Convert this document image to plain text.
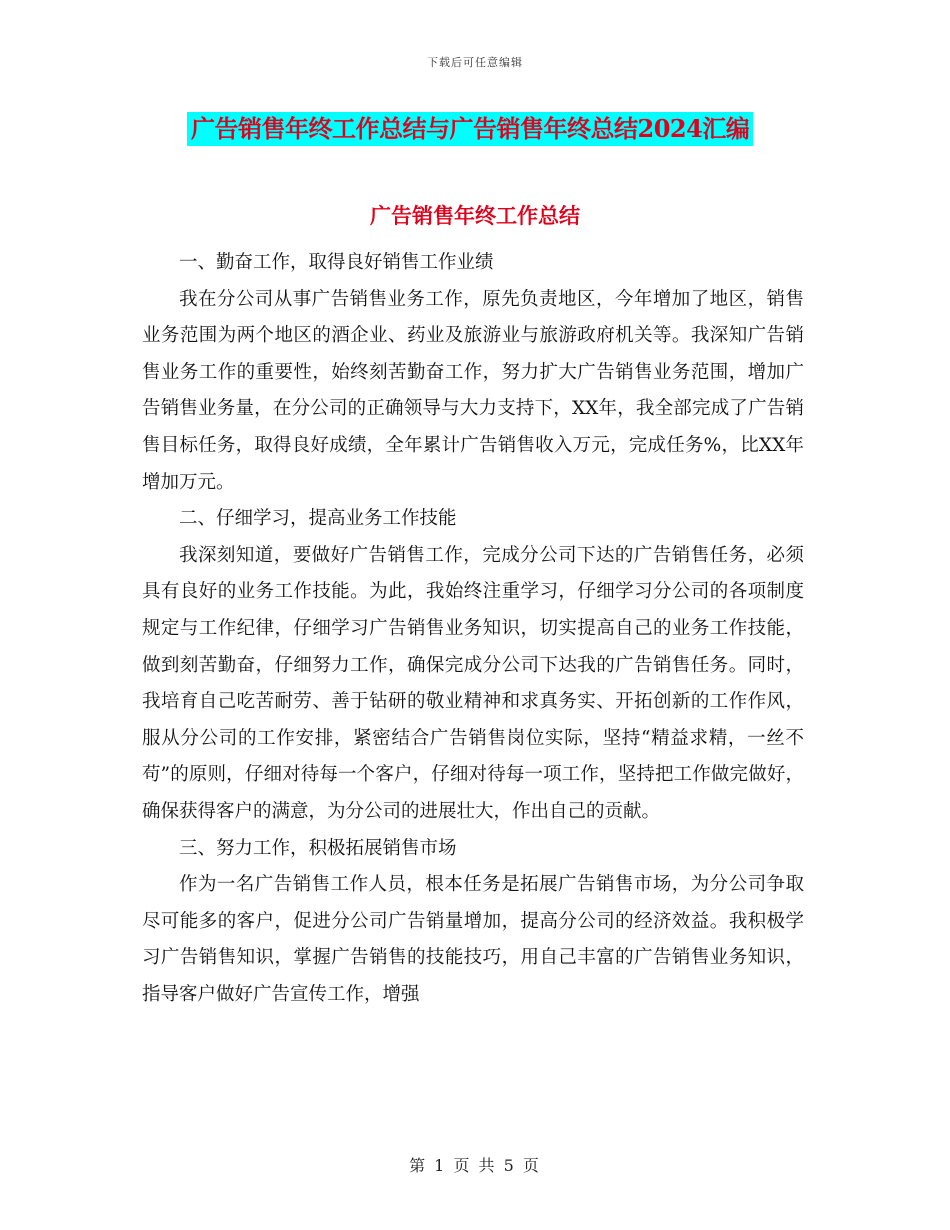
下载后可任意编辑
广告销售年终工作总结与广告销售年终总结2024汇编
广告销售年终工作总结

一、勤奋工作，取得良好销售工作业绩

我在分公司从事广告销售业务工作，原先负责地区，今年增加了地区，销售业务范围为两个地区的酒企业、药业及旅游业与旅游政府机关等。我深知广告销售业务工作的重要性，始终刻苦勤奋工作，努力扩大广告销售业务范围，增加广告销售业务量，在分公司的正确领导与大力支持下，XX年，我全部完成了广告销售目标任务，取得良好成绩，全年累计广告销售收入万元，完成任务%，比XX年增加万元。

二、仔细学习，提高业务工作技能

我深刻知道，要做好广告销售工作，完成分公司下达的广告销售任务，必须具有良好的业务工作技能。为此，我始终注重学习，仔细学习分公司的各项制度规定与工作纪律，仔细学习广告销售业务知识，切实提高自己的业务工作技能，做到刻苦勤奋，仔细努力工作，确保完成分公司下达我的广告销售任务。同时，我培育自己吃苦耐劳、善于钻研的敬业精神和求真务实、开拓创新的工作作风，服从分公司的工作安排，紧密结合广告销售岗位实际，坚持“精益求精，一丝不苟”的原则，仔细对待每一个客户，仔细对待每一项工作，坚持把工作做完做好，确保获得客户的满意，为分公司的进展壮大，作出自己的贡献。

三、努力工作，积极拓展销售市场

作为一名广告销售工作人员，根本任务是拓展广告销售市场，为分公司争取尽可能多的客户，促进分公司广告销量增加，提高分公司的经济效益。我积极学习广告销售知识，掌握广告销售的技能技巧，用自己丰富的广告销售业务知识，指导客户做好广告宣传工作，增强

第 1 页 共 5 页
